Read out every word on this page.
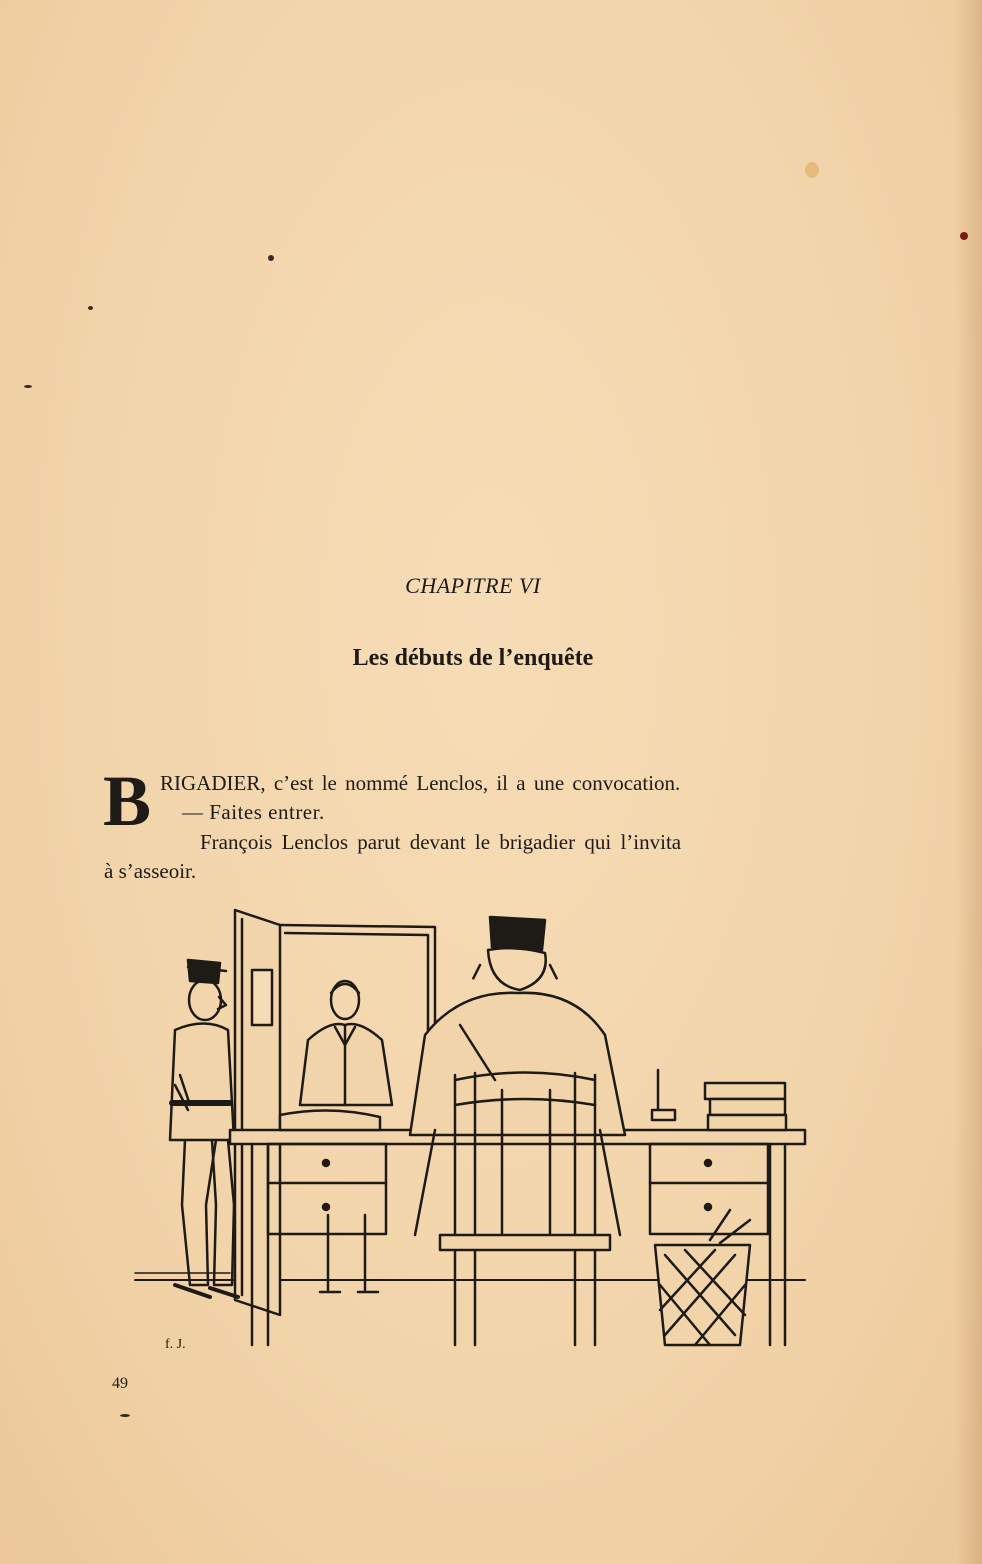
CHAPITRE VI
Les débuts de l’enquête
B RIGADIER, c’est le nommé Lenclos, il a une convocation.
— Faites entrer.
François Lenclos parut devant le brigadier qui l’invita
à s’asseoir.
f. J.
49
